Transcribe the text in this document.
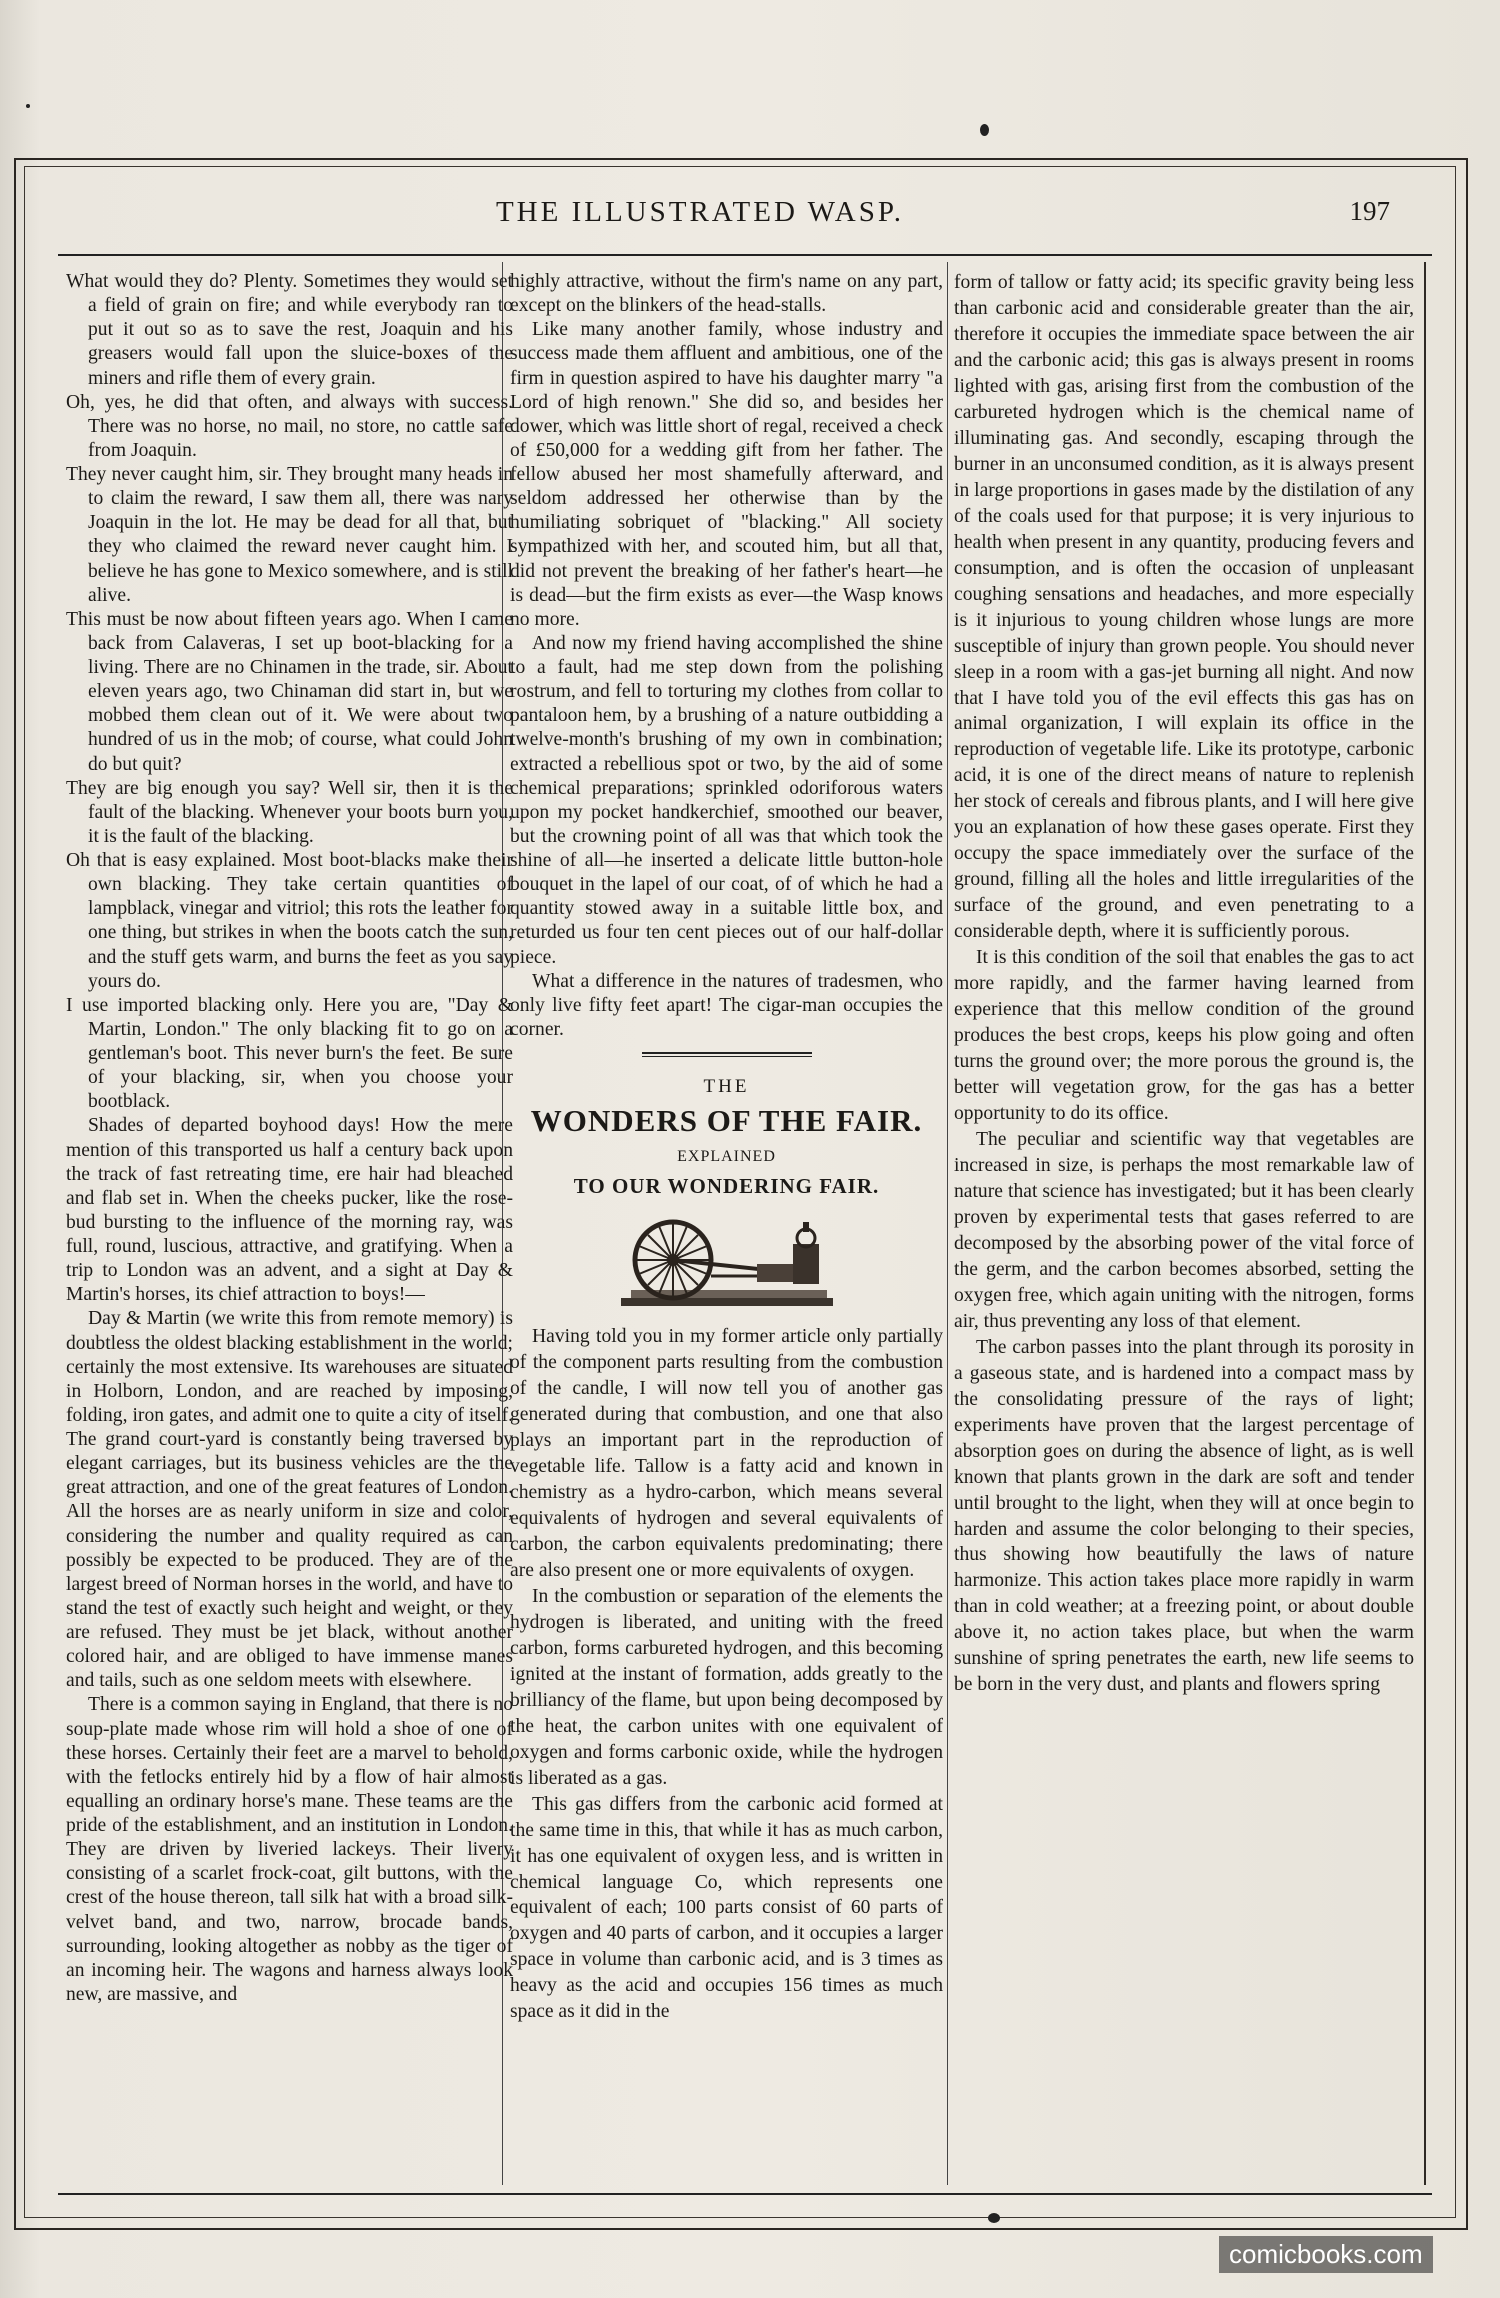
THE ILLUSTRATED WASP.	197

What would they do? Plenty. Sometimes they would set a field of grain on fire; and while everybody ran to put it out so as to save the rest, Joaquin and his greasers would fall upon the sluice-boxes of the miners and rifle them of every grain.

Oh, yes, he did that often, and always with success. There was no horse, no mail, no store, no cattle safe from Joaquin.

They never caught him, sir. They brought many heads in to claim the reward, I saw them all, there was nary Joaquin in the lot. He may be dead for all that, but they who claimed the reward never caught him. I believe he has gone to Mexico somewhere, and is still alive.

This must be now about fifteen years ago. When I came back from Calaveras, I set up boot-blacking for a living. There are no Chinamen in the trade, sir. About eleven years ago, two Chinaman did start in, but we mobbed them clean out of it. We were about two hundred of us in the mob; of course, what could John do but quit?

They are big enough you say? Well sir, then it is the fault of the blacking. Whenever your boots burn you, it is the fault of the blacking.

Oh that is easy explained. Most boot-blacks make their own blacking. They take certain quantities of lampblack, vinegar and vitriol; this rots the leather for one thing, but strikes in when the boots catch the sun, and the stuff gets warm, and burns the feet as you say yours do.

I use imported blacking only. Here you are, "Day & Martin, London." The only blacking fit to go on a gentleman's boot. This never burn's the feet. Be sure of your blacking, sir, when you choose your bootblack.

Shades of departed boyhood days! How the mere mention of this transported us half a century back upon the track of fast retreating time, ere hair had bleached and flab set in. When the cheeks pucker, like the rose-bud bursting to the influence of the morning ray, was full, round, luscious, attractive, and gratifying. When a trip to London was an advent, and a sight at Day & Martin's horses, its chief attraction to boys!—

Day & Martin (we write this from remote memory) is doubtless the oldest blacking establishment in the world; certainly the most extensive. Its warehouses are situated in Holborn, London, and are reached by imposing, folding, iron gates, and admit one to quite a city of itself. The grand court-yard is constantly being traversed by elegant carriages, but its business vehicles are the the great attraction, and one of the great features of London. All the horses are as nearly uniform in size and color, considering the number and quality required as can possibly be expected to be produced. They are of the largest breed of Norman horses in the world, and have to stand the test of exactly such height and weight, or they are refused. They must be jet black, without another colored hair, and are obliged to have immense manes and tails, such as one seldom meets with elsewhere.

There is a common saying in England, that there is no soup-plate made whose rim will hold a shoe of one of these horses. Certainly their feet are a marvel to behold, with the fetlocks entirely hid by a flow of hair almost equalling an ordinary horse's mane. These teams are the pride of the establishment, and an institution in London. They are driven by liveried lackeys. Their livery consisting of a scarlet frock-coat, gilt buttons, with the crest of the house thereon, tall silk hat with a broad silk-velvet band, and two, narrow, brocade bands, surrounding, looking altogether as nobby as the tiger of an incoming heir. The wagons and harness always look new, are massive, and

highly attractive, without the firm's name on any part, except on the blinkers of the head-stalls.

Like many another family, whose industry and success made them affluent and ambitious, one of the firm in question aspired to have his daughter marry "a Lord of high renown." She did so, and besides her dower, which was little short of regal, received a check of £50,000 for a wedding gift from her father. The fellow abused her most shamefully afterward, and seldom addressed her otherwise than by the humiliating sobriquet of "blacking." All society sympathized with her, and scouted him, but all that, did not prevent the breaking of her father's heart—he is dead—but the firm exists as ever—the Wasp knows no more.

And now my friend having accomplished the shine to a fault, had me step down from the polishing rostrum, and fell to torturing my clothes from collar to pantaloon hem, by a brushing of a nature outbidding a twelve-month's brushing of my own in combination; extracted a rebellious spot or two, by the aid of some chemical preparations; sprinkled odoriforous waters upon my pocket handkerchief, smoothed our beaver, but the crowning point of all was that which took the shine of all—he inserted a delicate little button-hole bouquet in the lapel of our coat, of of which he had a quantity stowed away in a suitable little box, and returded us four ten cent pieces out of our half-dollar piece.

What a difference in the natures of tradesmen, who only live fifty feet apart! The cigar-man occupies the corner.

THE
WONDERS OF THE FAIR.
EXPLAINED
TO OUR WONDERING FAIR.

Having told you in my former article only partially of the component parts resulting from the combustion of the candle, I will now tell you of another gas generated during that combustion, and one that also plays an important part in the reproduction of vegetable life. Tallow is a fatty acid and known in chemistry as a hydro-carbon, which means several equivalents of hydrogen and several equivalents of carbon, the carbon equivalents predominating; there are also present one or more equivalents of oxygen.

In the combustion or separation of the elements the hydrogen is liberated, and uniting with the freed carbon, forms carbureted hydrogen, and this becoming ignited at the instant of formation, adds greatly to the brilliancy of the flame, but upon being decomposed by the heat, the carbon unites with one equivalent of oxygen and forms carbonic oxide, while the hydrogen is liberated as a gas.

This gas differs from the carbonic acid formed at the same time in this, that while it has as much carbon, it has one equivalent of oxygen less, and is written in chemical language Co, which represents one equivalent of each; 100 parts consist of 60 parts of oxygen and 40 parts of carbon, and it occupies a larger space in volume than carbonic acid, and is 3 times as heavy as the acid and occupies 156 times as much space as it did in the

form of tallow or fatty acid; its specific gravity being less than carbonic acid and considerable greater than the air, therefore it occupies the immediate space between the air and the carbonic acid; this gas is always present in rooms lighted with gas, arising first from the combustion of the carbureted hydrogen which is the chemical name of illuminating gas. And secondly, escaping through the burner in an unconsumed condition, as it is always present in large proportions in gases made by the distilation of any of the coals used for that purpose; it is very injurious to health when present in any quantity, producing fevers and consumption, and is often the occasion of unpleasant coughing sensations and headaches, and more especially is it injurious to young children whose lungs are more susceptible of injury than grown people. You should never sleep in a room with a gas-jet burning all night. And now that I have told you of the evil effects this gas has on animal organization, I will explain its office in the reproduction of vegetable life. Like its prototype, carbonic acid, it is one of the direct means of nature to replenish her stock of cereals and fibrous plants, and I will here give you an explanation of how these gases operate. First they occupy the space immediately over the surface of the ground, filling all the holes and little irregularities of the surface of the ground, and even penetrating to a considerable depth, where it is sufficiently porous.

It is this condition of the soil that enables the gas to act more rapidly, and the farmer having learned from experience that this mellow condition of the ground produces the best crops, keeps his plow going and often turns the ground over; the more porous the ground is, the better will vegetation grow, for the gas has a better opportunity to do its office.

The peculiar and scientific way that vegetables are increased in size, is perhaps the most remarkable law of nature that science has investigated; but it has been clearly proven by experimental tests that gases referred to are decomposed by the absorbing power of the vital force of the germ, and the carbon becomes absorbed, setting the oxygen free, which again uniting with the nitrogen, forms air, thus preventing any loss of that element.

The carbon passes into the plant through its porosity in a gaseous state, and is hardened into a compact mass by the consolidating pressure of the rays of light; experiments have proven that the largest percentage of absorption goes on during the absence of light, as is well known that plants grown in the dark are soft and tender until brought to the light, when they will at once begin to harden and assume the color belonging to their species, thus showing how beautifully the laws of nature harmonize. This action takes place more rapidly in warm than in cold weather; at a freezing point, or about double above it, no action takes place, but when the warm sunshine of spring penetrates the earth, new life seems to be born in the very dust, and plants and flowers spring

comicbooks.com
